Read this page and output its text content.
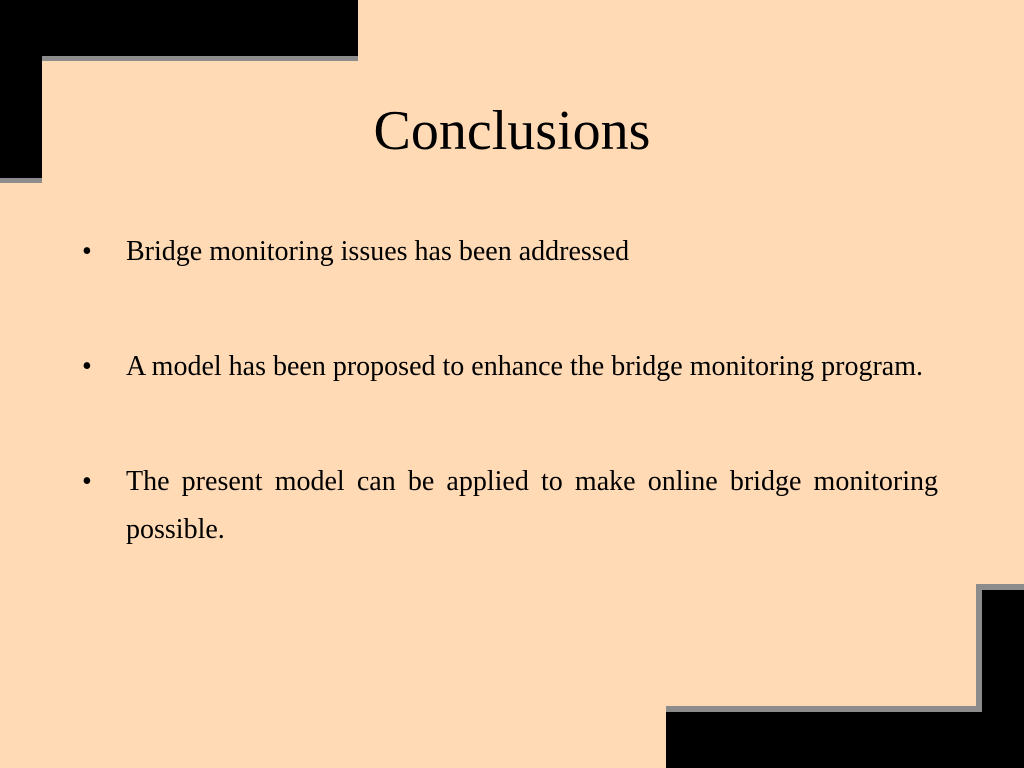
Conclusions
• Bridge monitoring issues has been addressed
• A model has been proposed to enhance the bridge monitoring program.
• The present model can be applied to make online bridge monitoring possible.
